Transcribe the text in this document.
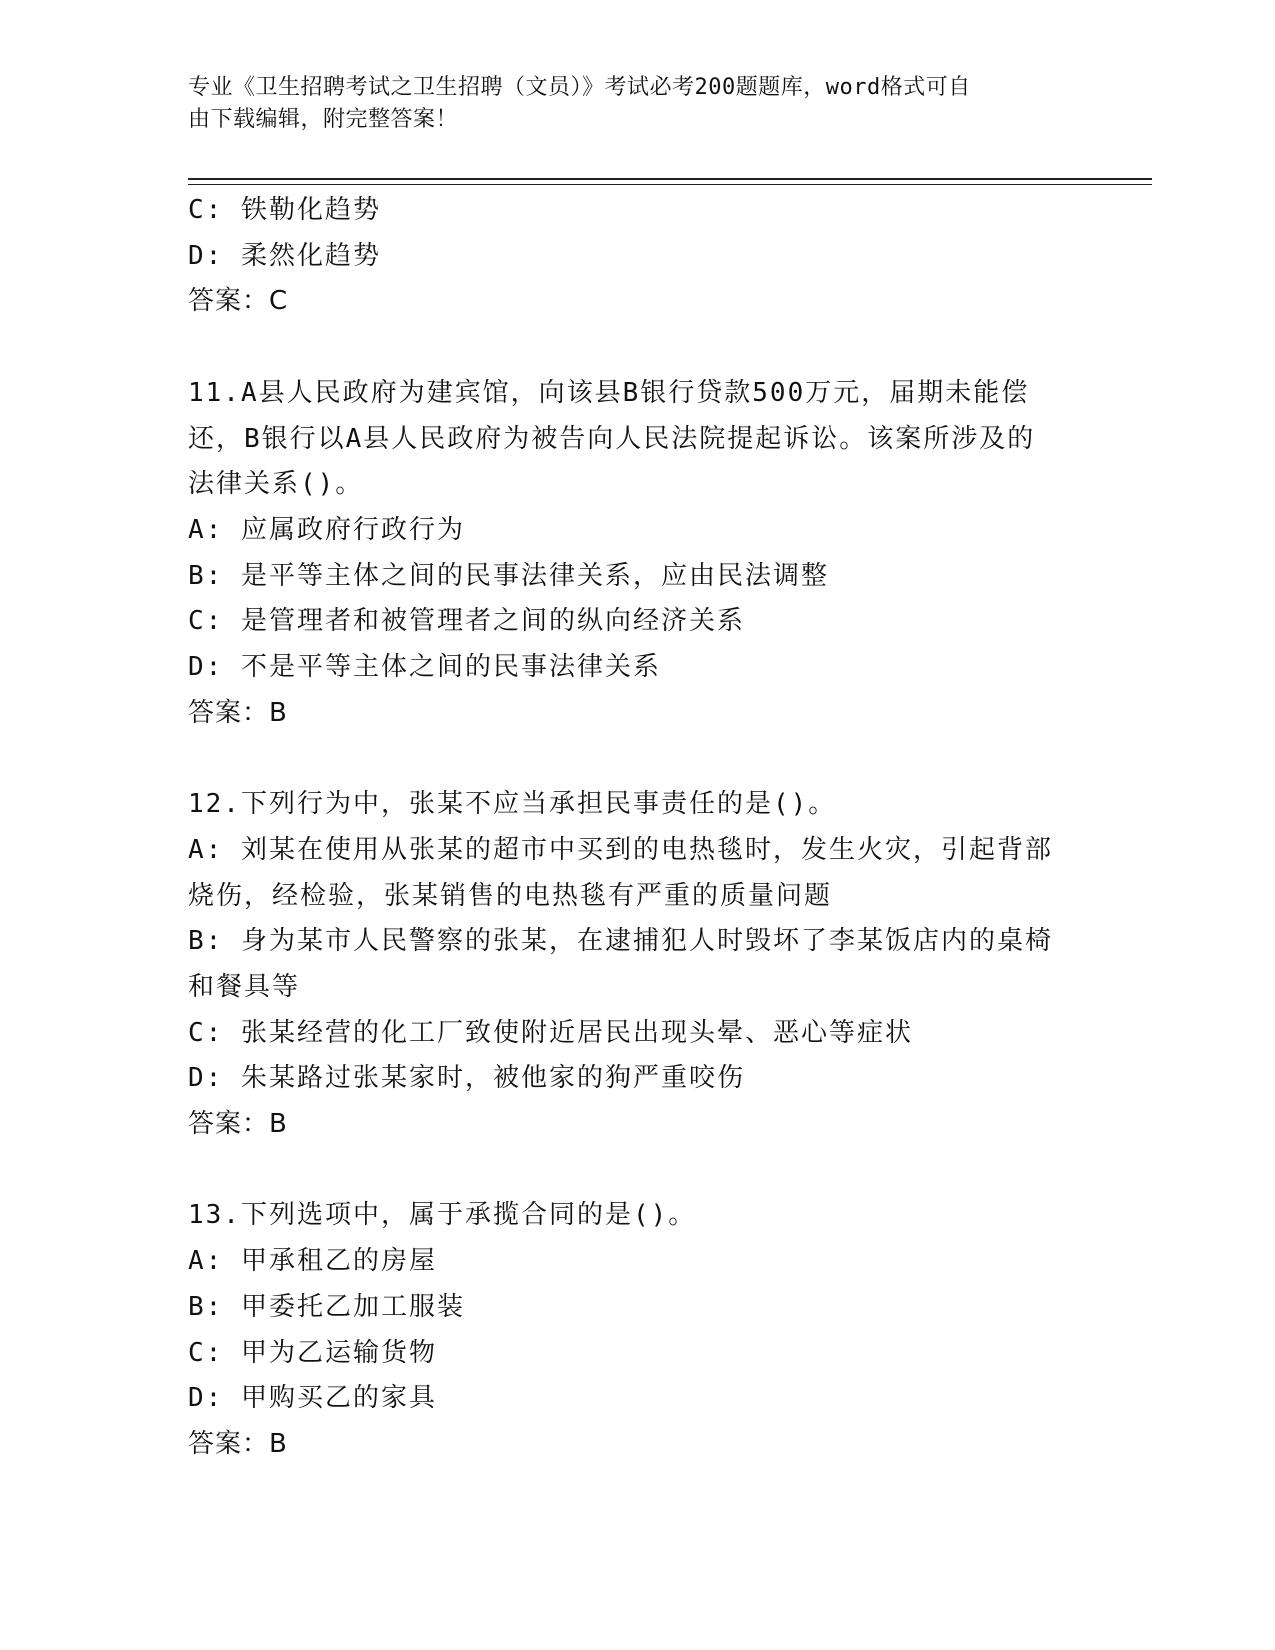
专业《卫生招聘考试之卫生招聘（文员）》考试必考200题题库，word格式可自
由下载编辑，附完整答案！
C: 铁勒化趋势
D: 柔然化趋势
答案：C
11.A县人民政府为建宾馆，向该县B银行贷款500万元，届期未能偿
还，B银行以A县人民政府为被告向人民法院提起诉讼。该案所涉及的
法律关系()。
A: 应属政府行政行为
B: 是平等主体之间的民事法律关系，应由民法调整
C: 是管理者和被管理者之间的纵向经济关系
D: 不是平等主体之间的民事法律关系
答案：B
12.下列行为中，张某不应当承担民事责任的是()。
A: 刘某在使用从张某的超市中买到的电热毯时，发生火灾，引起背部
烧伤，经检验，张某销售的电热毯有严重的质量问题
B: 身为某市人民警察的张某，在逮捕犯人时毁坏了李某饭店内的桌椅
和餐具等
C: 张某经营的化工厂致使附近居民出现头晕、恶心等症状
D: 朱某路过张某家时，被他家的狗严重咬伤
答案：B
13.下列选项中，属于承揽合同的是()。
A: 甲承租乙的房屋
B: 甲委托乙加工服装
C: 甲为乙运输货物
D: 甲购买乙的家具
答案：B
